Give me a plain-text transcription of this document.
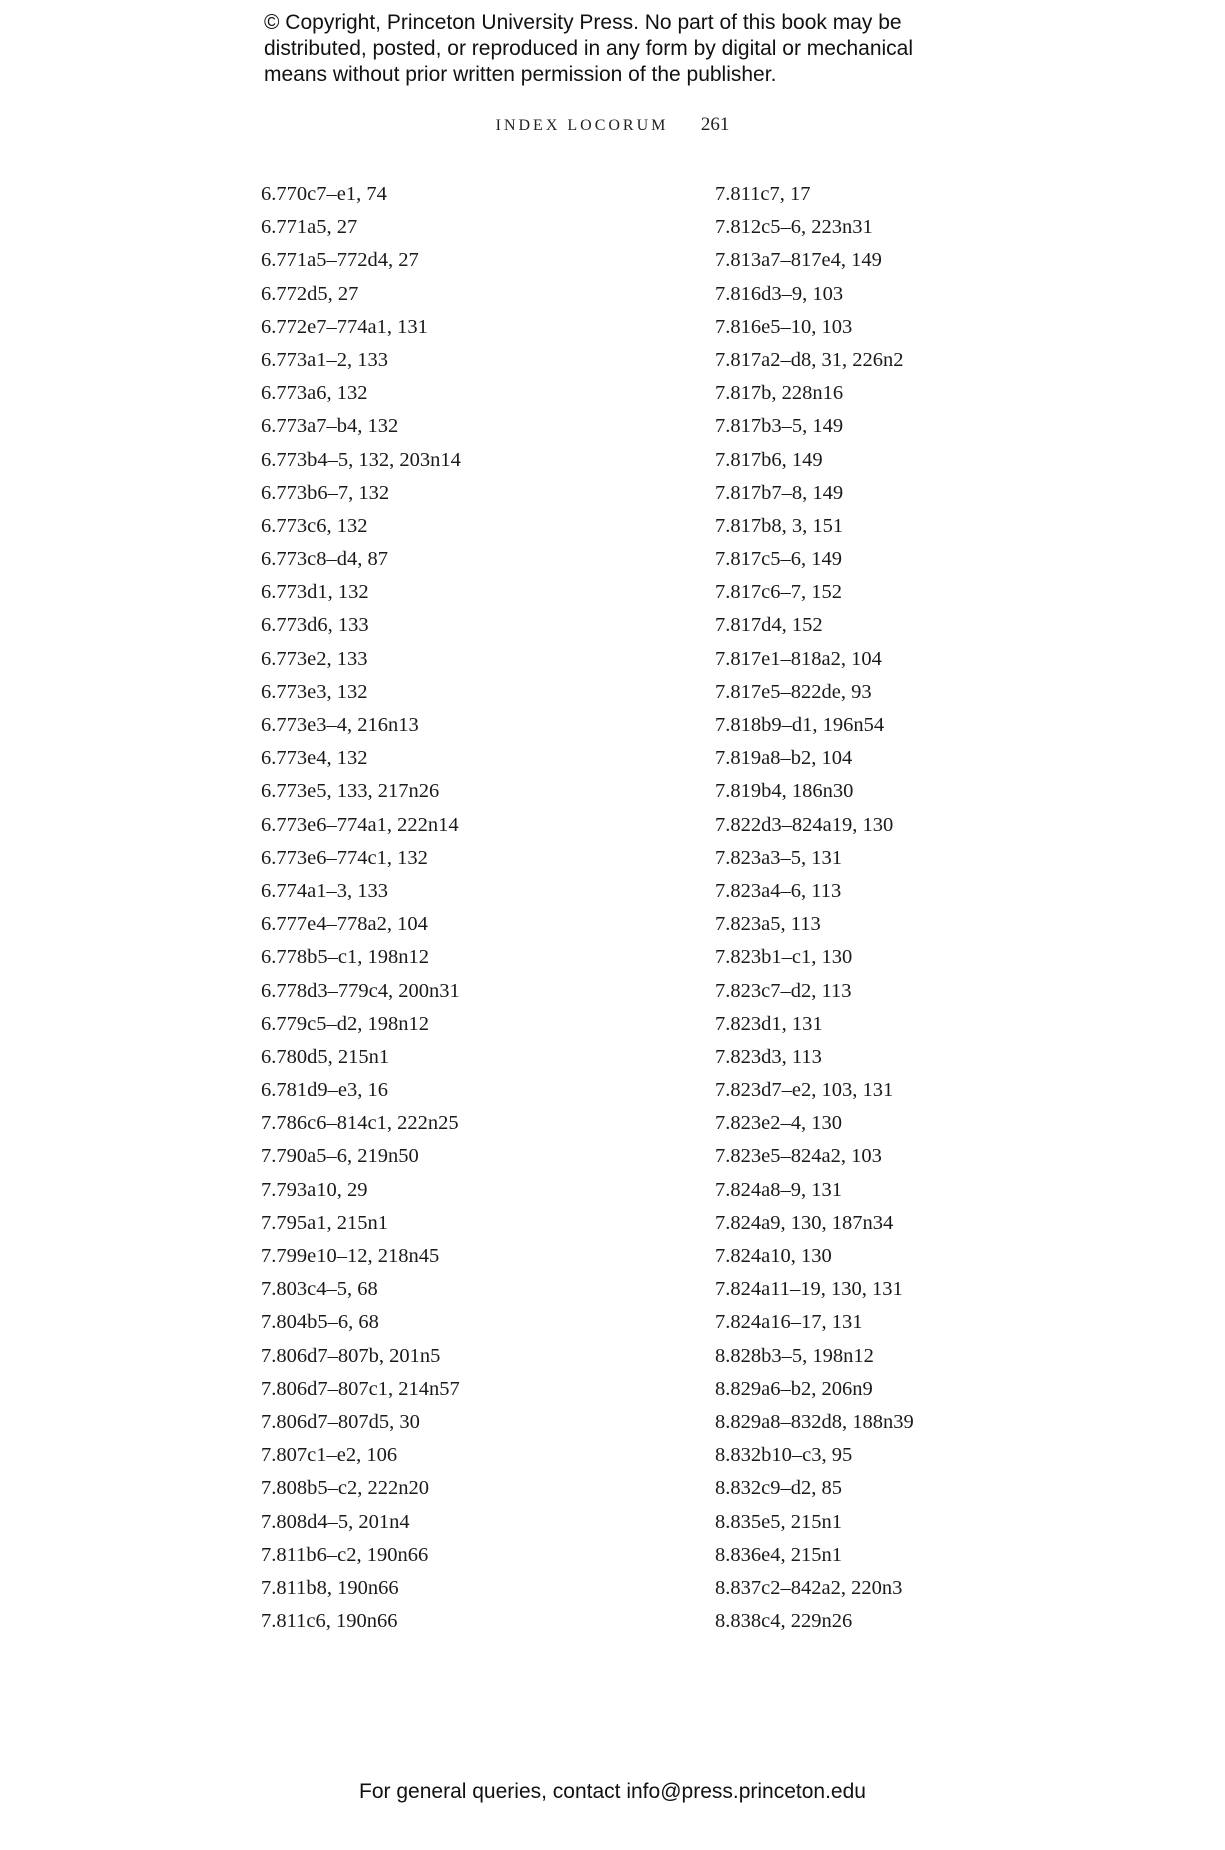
© Copyright, Princeton University Press. No part of this book may be
distributed, posted, or reproduced in any form by digital or mechanical
means without prior written permission of the publisher.
INDEX LOCORUM 261
6.770c7–e1, 74
6.771a5, 27
6.771a5–772d4, 27
6.772d5, 27
6.772e7–774a1, 131
6.773a1–2, 133
6.773a6, 132
6.773a7–b4, 132
6.773b4–5, 132, 203n14
6.773b6–7, 132
6.773c6, 132
6.773c8–d4, 87
6.773d1, 132
6.773d6, 133
6.773e2, 133
6.773e3, 132
6.773e3–4, 216n13
6.773e4, 132
6.773e5, 133, 217n26
6.773e6–774a1, 222n14
6.773e6–774c1, 132
6.774a1–3, 133
6.777e4–778a2, 104
6.778b5–c1, 198n12
6.778d3–779c4, 200n31
6.779c5–d2, 198n12
6.780d5, 215n1
6.781d9–e3, 16
7.786c6–814c1, 222n25
7.790a5–6, 219n50
7.793a10, 29
7.795a1, 215n1
7.799e10–12, 218n45
7.803c4–5, 68
7.804b5–6, 68
7.806d7–807b, 201n5
7.806d7–807c1, 214n57
7.806d7–807d5, 30
7.807c1–e2, 106
7.808b5–c2, 222n20
7.808d4–5, 201n4
7.811b6–c2, 190n66
7.811b8, 190n66
7.811c6, 190n66
7.811c7, 17
7.812c5–6, 223n31
7.813a7–817e4, 149
7.816d3–9, 103
7.816e5–10, 103
7.817a2–d8, 31, 226n2
7.817b, 228n16
7.817b3–5, 149
7.817b6, 149
7.817b7–8, 149
7.817b8, 3, 151
7.817c5–6, 149
7.817c6–7, 152
7.817d4, 152
7.817e1–818a2, 104
7.817e5–822de, 93
7.818b9–d1, 196n54
7.819a8–b2, 104
7.819b4, 186n30
7.822d3–824a19, 130
7.823a3–5, 131
7.823a4–6, 113
7.823a5, 113
7.823b1–c1, 130
7.823c7–d2, 113
7.823d1, 131
7.823d3, 113
7.823d7–e2, 103, 131
7.823e2–4, 130
7.823e5–824a2, 103
7.824a8–9, 131
7.824a9, 130, 187n34
7.824a10, 130
7.824a11–19, 130, 131
7.824a16–17, 131
8.828b3–5, 198n12
8.829a6–b2, 206n9
8.829a8–832d8, 188n39
8.832b10–c3, 95
8.832c9–d2, 85
8.835e5, 215n1
8.836e4, 215n1
8.837c2–842a2, 220n3
8.838c4, 229n26
For general queries, contact info@press.princeton.edu
